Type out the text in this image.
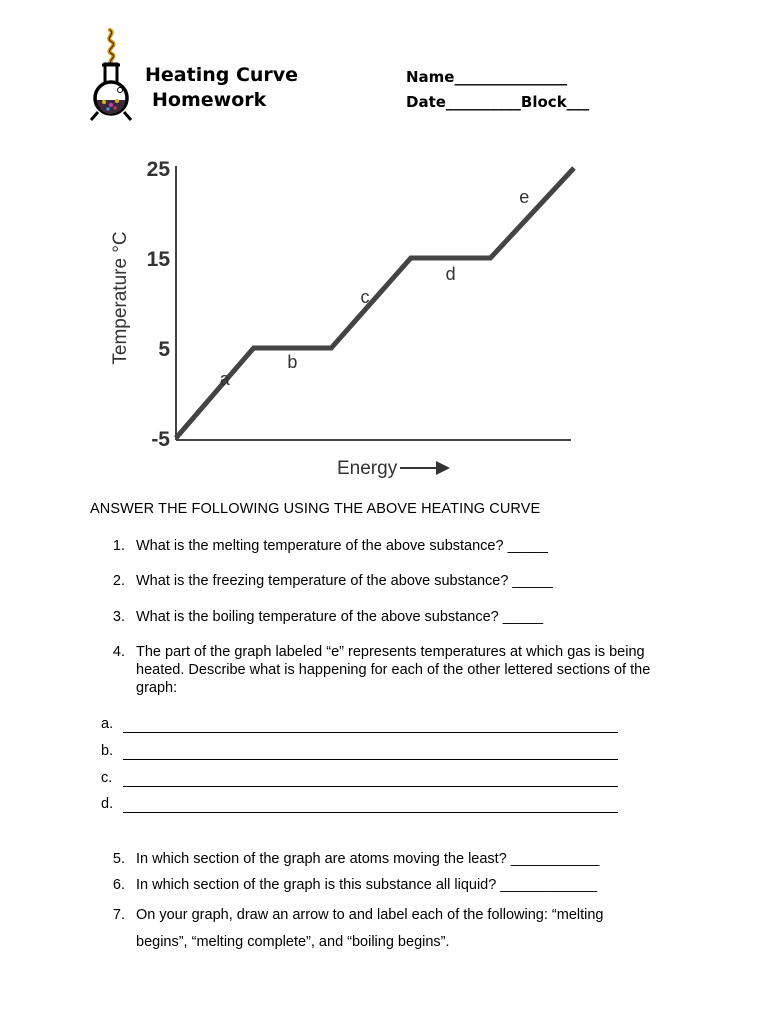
Heating Curve
Homework
Name_______________
Date__________Block___
25
15
5
-5
Temperature °C
Energy
a
b
c
d
e
ANSWER THE FOLLOWING USING THE ABOVE HEATING CURVE
1. What is the melting temperature of the above substance? _____
2. What is the freezing temperature of the above substance? _____
3. What is the boiling temperature of the above substance? _____
4. The part of the graph labeled “e” represents temperatures at which gas is being heated. Describe what is happening for each of the other lettered sections of the graph:
a.
b.
c.
d.
5. In which section of the graph are atoms moving the least? ___________
6. In which section of the graph is this substance all liquid? ____________
7. On your graph, draw an arrow to and label each of the following: “melting begins”, “melting complete”, and “boiling begins”.
